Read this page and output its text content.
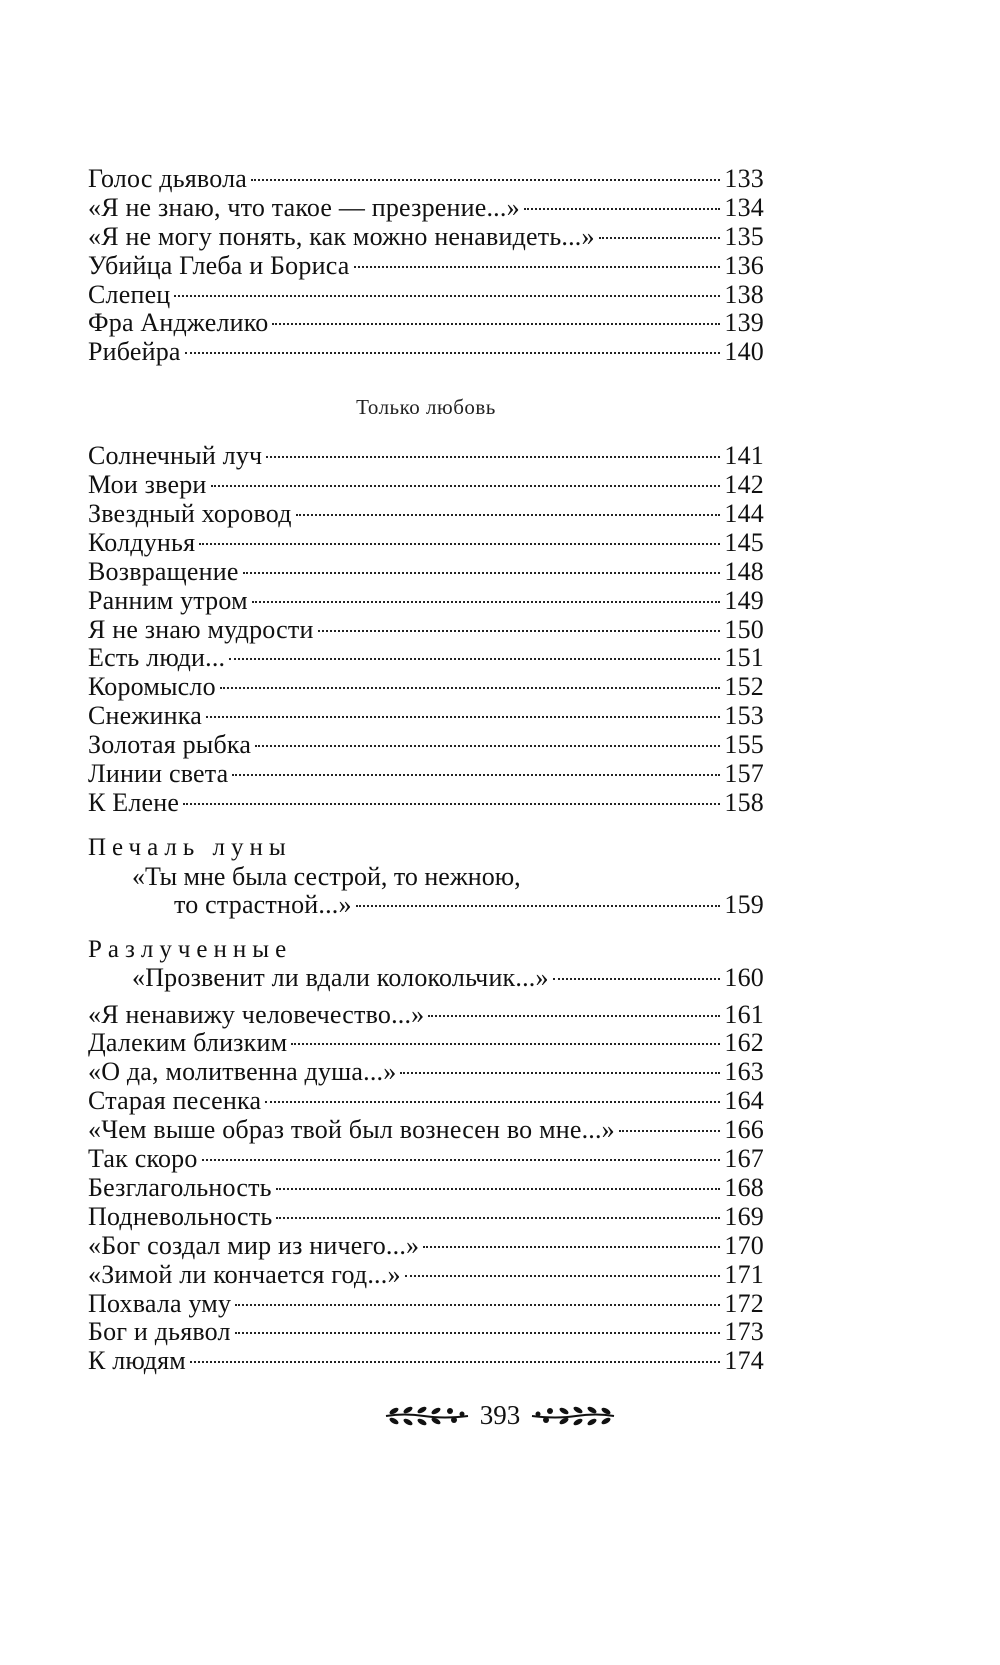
Голос дьявола	133
«Я не знаю, что такое — презрение...»	134
«Я не могу понять, как можно ненавидеть...»	135
Убийца Глеба и Бориса	136
Слепец	138
Фра Анджелико	139
Рибейра	140
Только любовь
Солнечный луч	141
Мои звери	142
Звездный хоровод	144
Колдунья	145
Возвращение	148
Ранним утром	149
Я не знаю мудрости	150
Есть люди...	151
Коромысло	152
Снежинка	153
Золотая рыбка	155
Линии света	157
К Елене	158
Печаль луны
«Ты мне была сестрой, то нежною,
то страстной...»	159
Разлученные
«Прозвенит ли вдали колокольчик...»	160
«Я ненавижу человечество...»	161
Далеким близким	162
«О да, молитвенна душа...»	163
Старая песенка	164
«Чем выше образ твой был вознесен во мне...»	166
Так скоро	167
Безглагольность	168
Подневольность	169
«Бог создал мир из ничего...»	170
«Зимой ли кончается год...»	171
Похвала уму	172
Бог и дьявол	173
К людям	174
393
